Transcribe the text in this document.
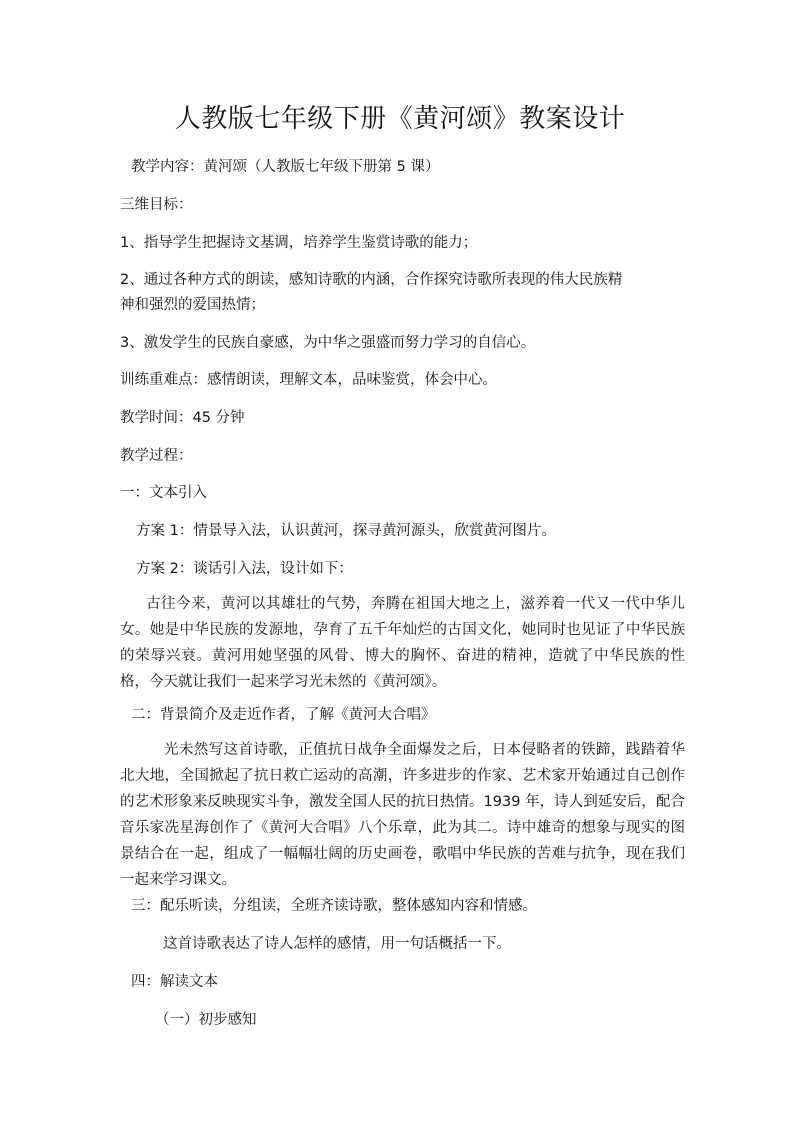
人教版七年级下册《黄河颂》教案设计
教学内容：黄河颂（人教版七年级下册第 5 课）
三维目标：
1、指导学生把握诗文基调，培养学生鉴赏诗歌的能力；
2、通过各种方式的朗读，感知诗歌的内涵，合作探究诗歌所表现的伟大民族精
神和强烈的爱国热情；
3、激发学生的民族自豪感，为中华之强盛而努力学习的自信心。
训练重难点：感情朗读，理解文本，品味鉴赏，体会中心。
教学时间：45 分钟
教学过程：
一：文本引入
方案 1：情景导入法，认识黄河，探寻黄河源头，欣赏黄河图片。
方案 2：谈话引入法，设计如下：
古往今来，黄河以其雄壮的气势，奔腾在祖国大地之上，滋养着一代又一代中华儿女。她是中华民族的发源地，孕育了五千年灿烂的古国文化，她同时也见证了中华民族的荣辱兴衰。黄河用她坚强的风骨、博大的胸怀、奋进的精神，造就了中华民族的性格，今天就让我们一起来学习光未然的《黄河颂》。
二：背景简介及走近作者，了解《黄河大合唱》
光未然写这首诗歌，正值抗日战争全面爆发之后，日本侵略者的铁蹄，践踏着华北大地，全国掀起了抗日救亡运动的高潮，许多进步的作家、艺术家开始通过自己创作的艺术形象来反映现实斗争，激发全国人民的抗日热情。1939 年，诗人到延安后，配合音乐家冼星海创作了《黄河大合唱》八个乐章，此为其二。诗中雄奇的想象与现实的图景结合在一起，组成了一幅幅壮阔的历史画卷，歌唱中华民族的苦难与抗争，现在我们一起来学习课文。
三：配乐听读，分组读，全班齐读诗歌，整体感知内容和情感。
这首诗歌表达了诗人怎样的感情，用一句话概括一下。
四：解读文本
（一）初步感知
